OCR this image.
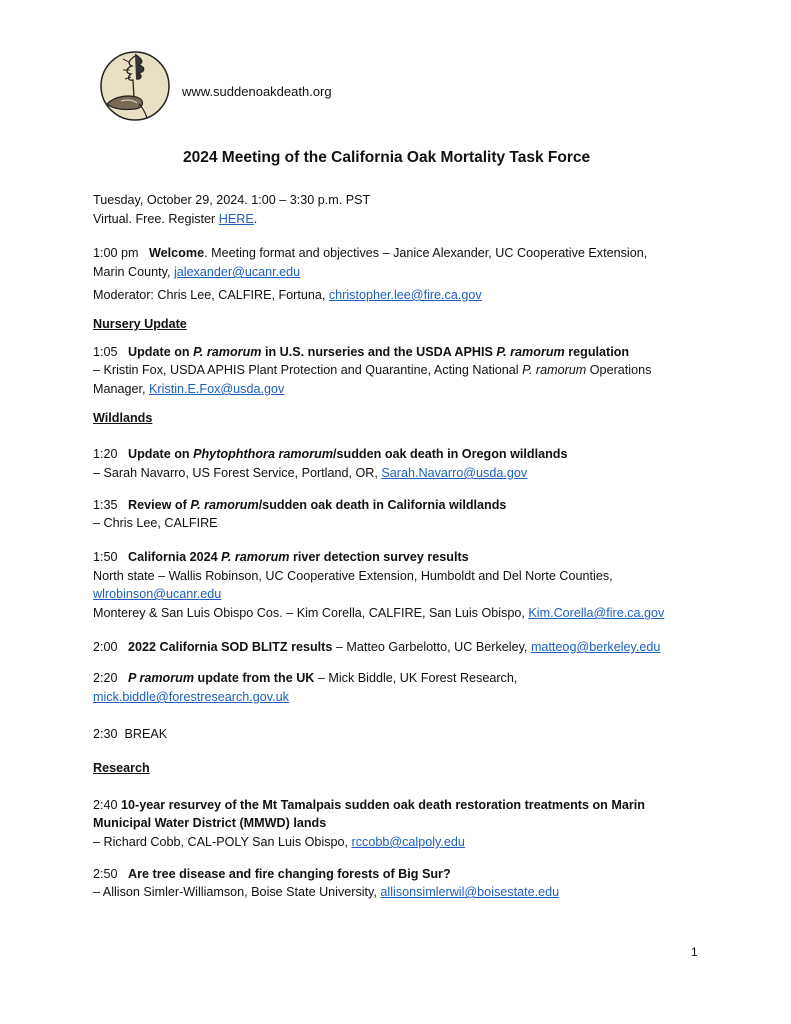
www.suddenoakdeath.org
2024 Meeting of the California Oak Mortality Task Force
Tuesday, October 29, 2024. 1:00 – 3:30 p.m. PST
Virtual. Free. Register HERE.
1:00 pm Welcome. Meeting format and objectives – Janice Alexander, UC Cooperative Extension,
Marin County, jalexander@ucanr.edu
Moderator: Chris Lee, CALFIRE, Fortuna, christopher.lee@fire.ca.gov
Nursery Update
1:05 Update on P. ramorum in U.S. nurseries and the USDA APHIS P. ramorum regulation
– Kristin Fox, USDA APHIS Plant Protection and Quarantine, Acting National P. ramorum Operations
Manager, Kristin.E.Fox@usda.gov
Wildlands
1:20 Update on Phytophthora ramorum/sudden oak death in Oregon wildlands
– Sarah Navarro, US Forest Service, Portland, OR, Sarah.Navarro@usda.gov
1:35 Review of P. ramorum/sudden oak death in California wildlands
– Chris Lee, CALFIRE
1:50 California 2024 P. ramorum river detection survey results
North state – Wallis Robinson, UC Cooperative Extension, Humboldt and Del Norte Counties,
wlrobinson@ucanr.edu
Monterey & San Luis Obispo Cos. – Kim Corella, CALFIRE, San Luis Obispo, Kim.Corella@fire.ca.gov
2:00 2022 California SOD BLITZ results – Matteo Garbelotto, UC Berkeley, matteog@berkeley.edu
2:20 P ramorum update from the UK – Mick Biddle, UK Forest Research,
mick.biddle@forestresearch.gov.uk
2:30 BREAK
Research
2:40 10-year resurvey of the Mt Tamalpais sudden oak death restoration treatments on Marin
Municipal Water District (MMWD) lands
– Richard Cobb, CAL-POLY San Luis Obispo, rccobb@calpoly.edu
2:50 Are tree disease and fire changing forests of Big Sur?
– Allison Simler-Williamson, Boise State University, allisonsimlerwil@boisestate.edu
1
